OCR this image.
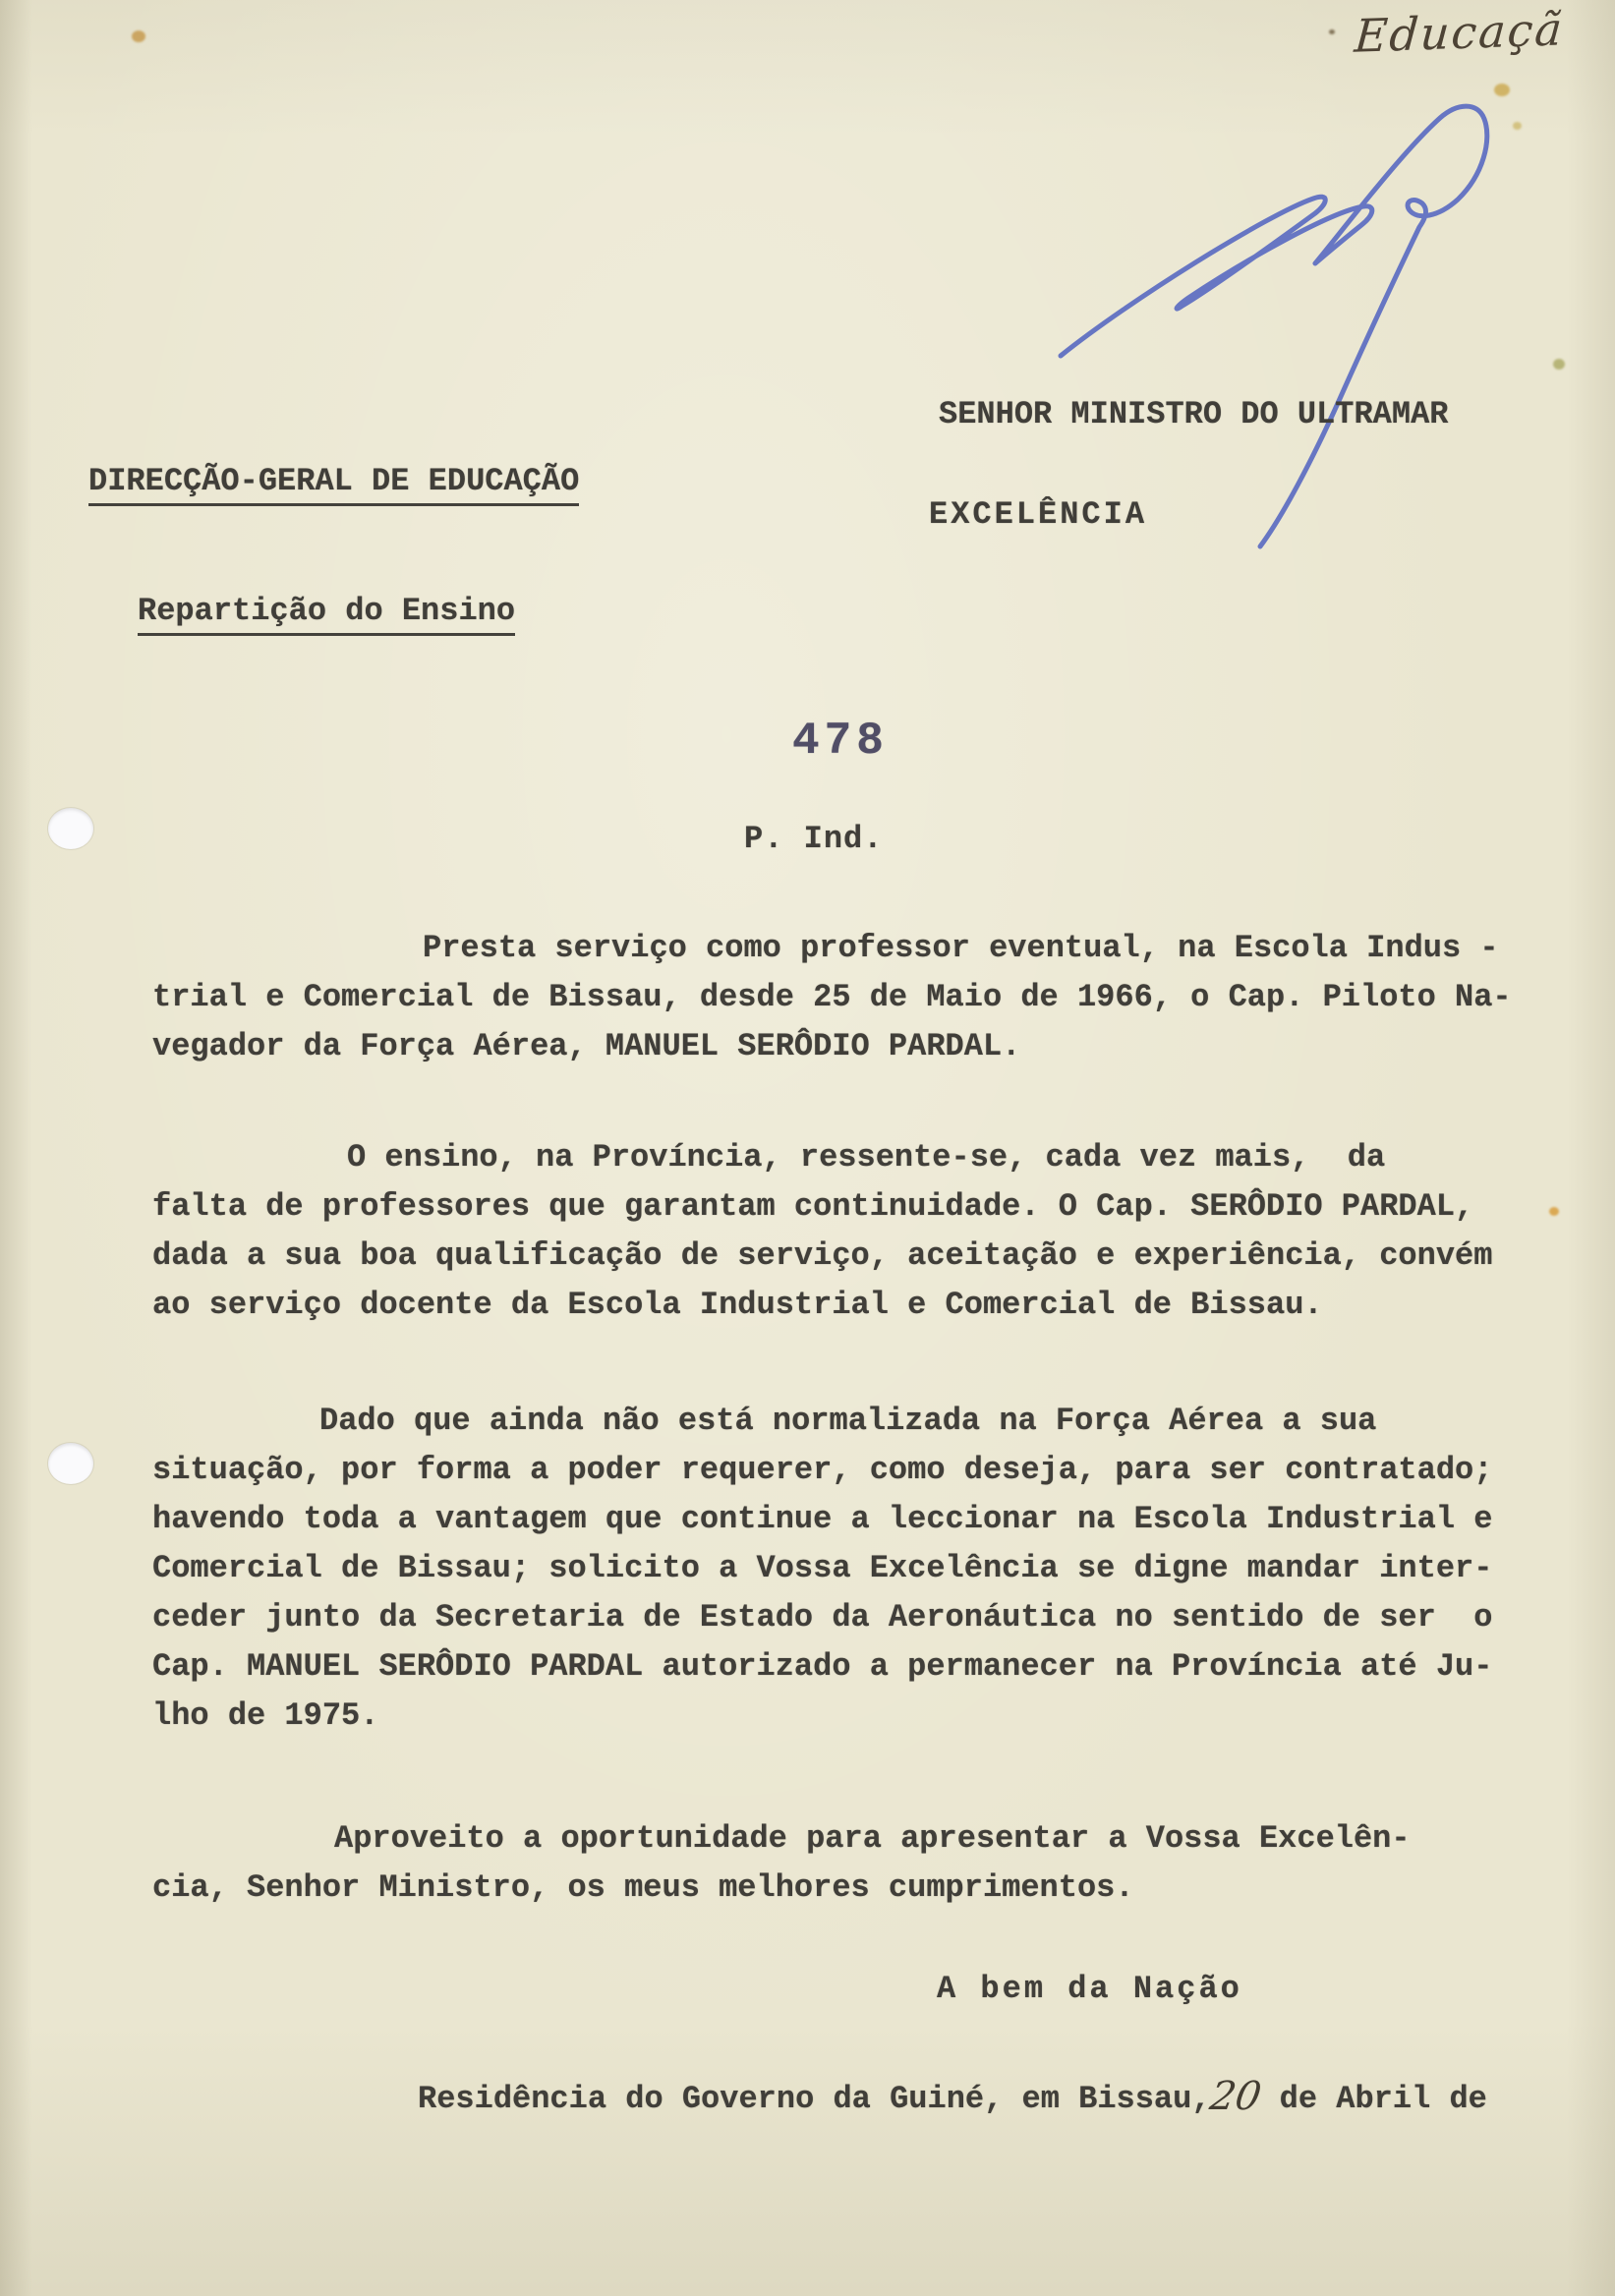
Educaçã

DIRECÇÃO-GERAL DE EDUCAÇÃO

Repartição do Ensino

SENHOR MINISTRO DO ULTRAMAR
EXCELÊNCIA
478
P. Ind.
Presta serviço como professor eventual, na Escola Indus -
trial e Comercial de Bissau, desde 25 de Maio de 1966, o Cap. Piloto Na-
vegador da Força Aérea, MANUEL SERÔDIO PARDAL.
O ensino, na Província, ressente-se, cada vez mais,  da
falta de professores que garantam continuidade. O Cap. SERÔDIO PARDAL,
dada a sua boa qualificação de serviço, aceitação e experiência, convém
ao serviço docente da Escola Industrial e Comercial de Bissau.
Dado que ainda não está normalizada na Força Aérea a sua
situação, por forma a poder requerer, como deseja, para ser contratado;
havendo toda a vantagem que continue a leccionar na Escola Industrial e
Comercial de Bissau; solicito a Vossa Excelência se digne mandar inter-
ceder junto da Secretaria de Estado da Aeronáutica no sentido de ser  o
Cap. MANUEL SERÔDIO PARDAL autorizado a permanecer na Província até Ju-
lho de 1975.
Aproveito a oportunidade para apresentar a Vossa Excelên-
cia, Senhor Ministro, os meus melhores cumprimentos.
A bem da Nação
Residência do Governo da Guiné, em Bissau,20 de Abril de
